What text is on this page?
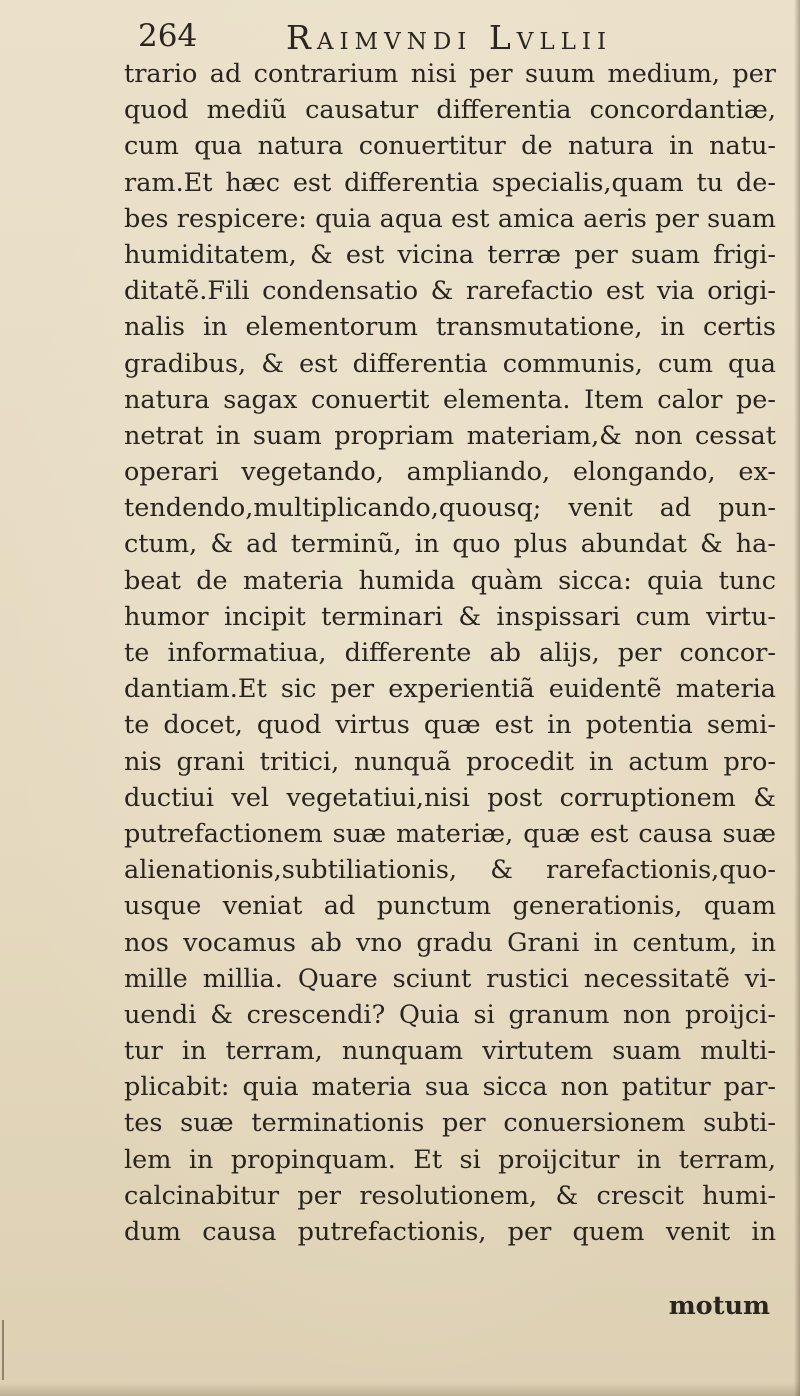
264	Raimvndi Lvllii
trario ad contrarium nisi per suum medium, per
quod mediũ causatur differentia concordantiæ,
cum qua natura conuertitur de natura in natu-
ram.Et hæc est differentia specialis,quam tu de-
bes respicere: quia aqua est amica aeris per suam
humiditatem, & est vicina terræ per suam frigi-
ditatẽ.Fili condensatio & rarefactio est via origi-
nalis in elementorum transmutatione, in certis
gradibus, & est differentia communis, cum qua
natura sagax conuertit elementa. Item calor pe-
netrat in suam propriam materiam,& non cessat
operari vegetando, ampliando, elongando, ex-
tendendo,multiplicando,quousq; venit ad pun-
ctum, & ad terminũ, in quo plus abundat & ha-
beat de materia humida quàm sicca: quia tunc
humor incipit terminari & inspissari cum virtu-
te informatiua, differente ab alijs, per concor-
dantiam.Et sic per experientiã euidentẽ materia
te docet, quod virtus quæ est in potentia semi-
nis grani tritici, nunquã procedit in actum pro-
ductiui vel vegetatiui,nisi post corruptionem &
putrefactionem suæ materiæ, quæ est causa suæ
alienationis,subtiliationis, & rarefactionis,quo-
usque veniat ad punctum generationis, quam
nos vocamus ab vno gradu Grani in centum, in
mille millia. Quare sciunt rustici necessitatẽ vi-
uendi & crescendi? Quia si granum non proijci-
tur in terram, nunquam virtutem suam multi-
plicabit: quia materia sua sicca non patitur par-
tes suæ terminationis per conuersionem subti-
lem in propinquam. Et si proijcitur in terram,
calcinabitur per resolutionem, & crescit humi-
dum causa putrefactionis, per quem venit in
motum
